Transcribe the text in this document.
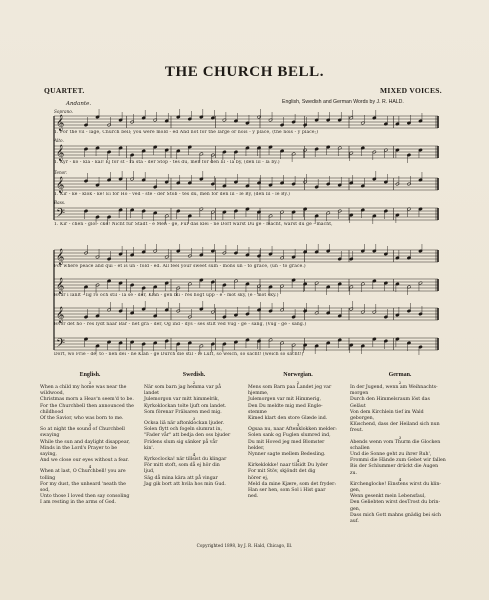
THE CHURCH BELL.
QUARTET.	MIXED VOICES.
English, Swedish and German Words by J. R. HALD.
Andante.
𝄞
𝄞
𝄞
𝄢
Soprano.
Alto.
Tenor.
Bass.
1. For the vil - lage, Church bell; you were mold - ed And not for the large or nois - y place, (the nois - y place;)
1. Kyr - ko - kla - kal! Ej för st - ra stä - der Stöp - tes du, men för den lil - la by, (den lil - la by.)
1. Kir - ke - klok - ke! Ei for Ho - ved - ste - der Stöb - tes du, men for den lil - le By, (den lil - le By.)
1. Kir - chen - glo - cke! Nicht für Städt - e Men - ge, Für das klei - ne Dorf warst Du ge - macht, warst du ge - macht,
𝄞
𝄞
𝄞
𝄢
For where peace and qui - et is un - fold - ed. All feel your sweet sum - mons un - to grace, (un - to grace.)
Hvar i lanlt - lig ro och stil - la se - der, Klan - gen bli - res högt upp - e - mot sky, (e - mot sky.)
Hvor det hö - res lydt naar Bar - net gra - der, Og ind - dys - ses stilt ved Vug - ge - sang, (Vug - ge - sang.)
Dort, wo Frie - de, tö - nen dei - ne Klän - ge Durch die stil - le Luft, so weich, so sacht! (weich so sacht!)
English.
2
When a child my home was near the
wildwood,
Christmas morn a Heav'n seem'd to be.
For the Churchbell then announced the
childhood
Of the Savior, who was born to me.
3
So at night the sound of Churchbell
swaying
While the sun and daylight disappear,
Minds in the Lord's Prayer to be
saying,
And we close our eyes without a fear.
4
When at last, O Churchbell! you are
tolling
For my dust, the unheard 'neath the
sod,
Unto those I loved then say consoling
I am resting in the arms of God.
Swedish.
2
När som barn jag hemma var på
landet
Julemorgon var mitt himmelrik,
Kyrkoklockan tolte ljuft om landet.
Som förenar Frälsaren med mig.
3
Ocksa liâ när aftonklockan ljuder.
Solen flytt och fogeln slumrat in,
"Fader vår" att bedja den oss bjuder
Fridens slum sig sänker på vår
kin'.
4
Kyrkoclocka! när tillsist du klingar
För mitt stoft, som då ej hör din
ljud,
Säg då mina kära att på vingar
Jag gik bort att hvila hos min Gud.
Norwegian.
2
Mens som Barn paa Landet jeg var
hjemme,
Julemorgen var mit Himmerig,
Den Du meldte mig med Engle-
stemme
Kimed klart den store Glæde ind.
3
Ogsaa nu, naar Aftenklokken melder:
Solen sank og Fuglen slumred ind,
Du mit Hoved jeg med Blomster
helder,
Nynner sagte mellem Bedesling.
4
Kirkeklokke! naar tilsidt Du lyder
For mit Stöv, skjöndt det dig
hörer ej,
Meld da mine Kjære, som det fryder:
Han ser hen, som Sol i Hist gaar
ned.
German.
2
In der Jugend, wenn am Weihnachts-
morgen
Durch den Himmelsraum löst das
Geläut
Von dem Kirchlein tief im Wald
geborgen,
Klüschend, dass der Heiland sich nun
freut.
3
Abends wenn vom Thurm die Glocken
schallen
Und die Sonne geht zu ihrer Ruh',
Frommi die Hände zum Gebet wir fallen
Bis der Schlummer drückt die Augen
zu.
4
Kirchenglocke! Einstens wirst du klin-
gen,
Wenn gesenkt mein Lebensfaul,
Den Geliebten wirst desTrost du brin-
gen,
Dass mich Gott mahns gnädig bei sich
auf.
Copyrighted 1898, by J. R. Hald, Chicago, Ill.
